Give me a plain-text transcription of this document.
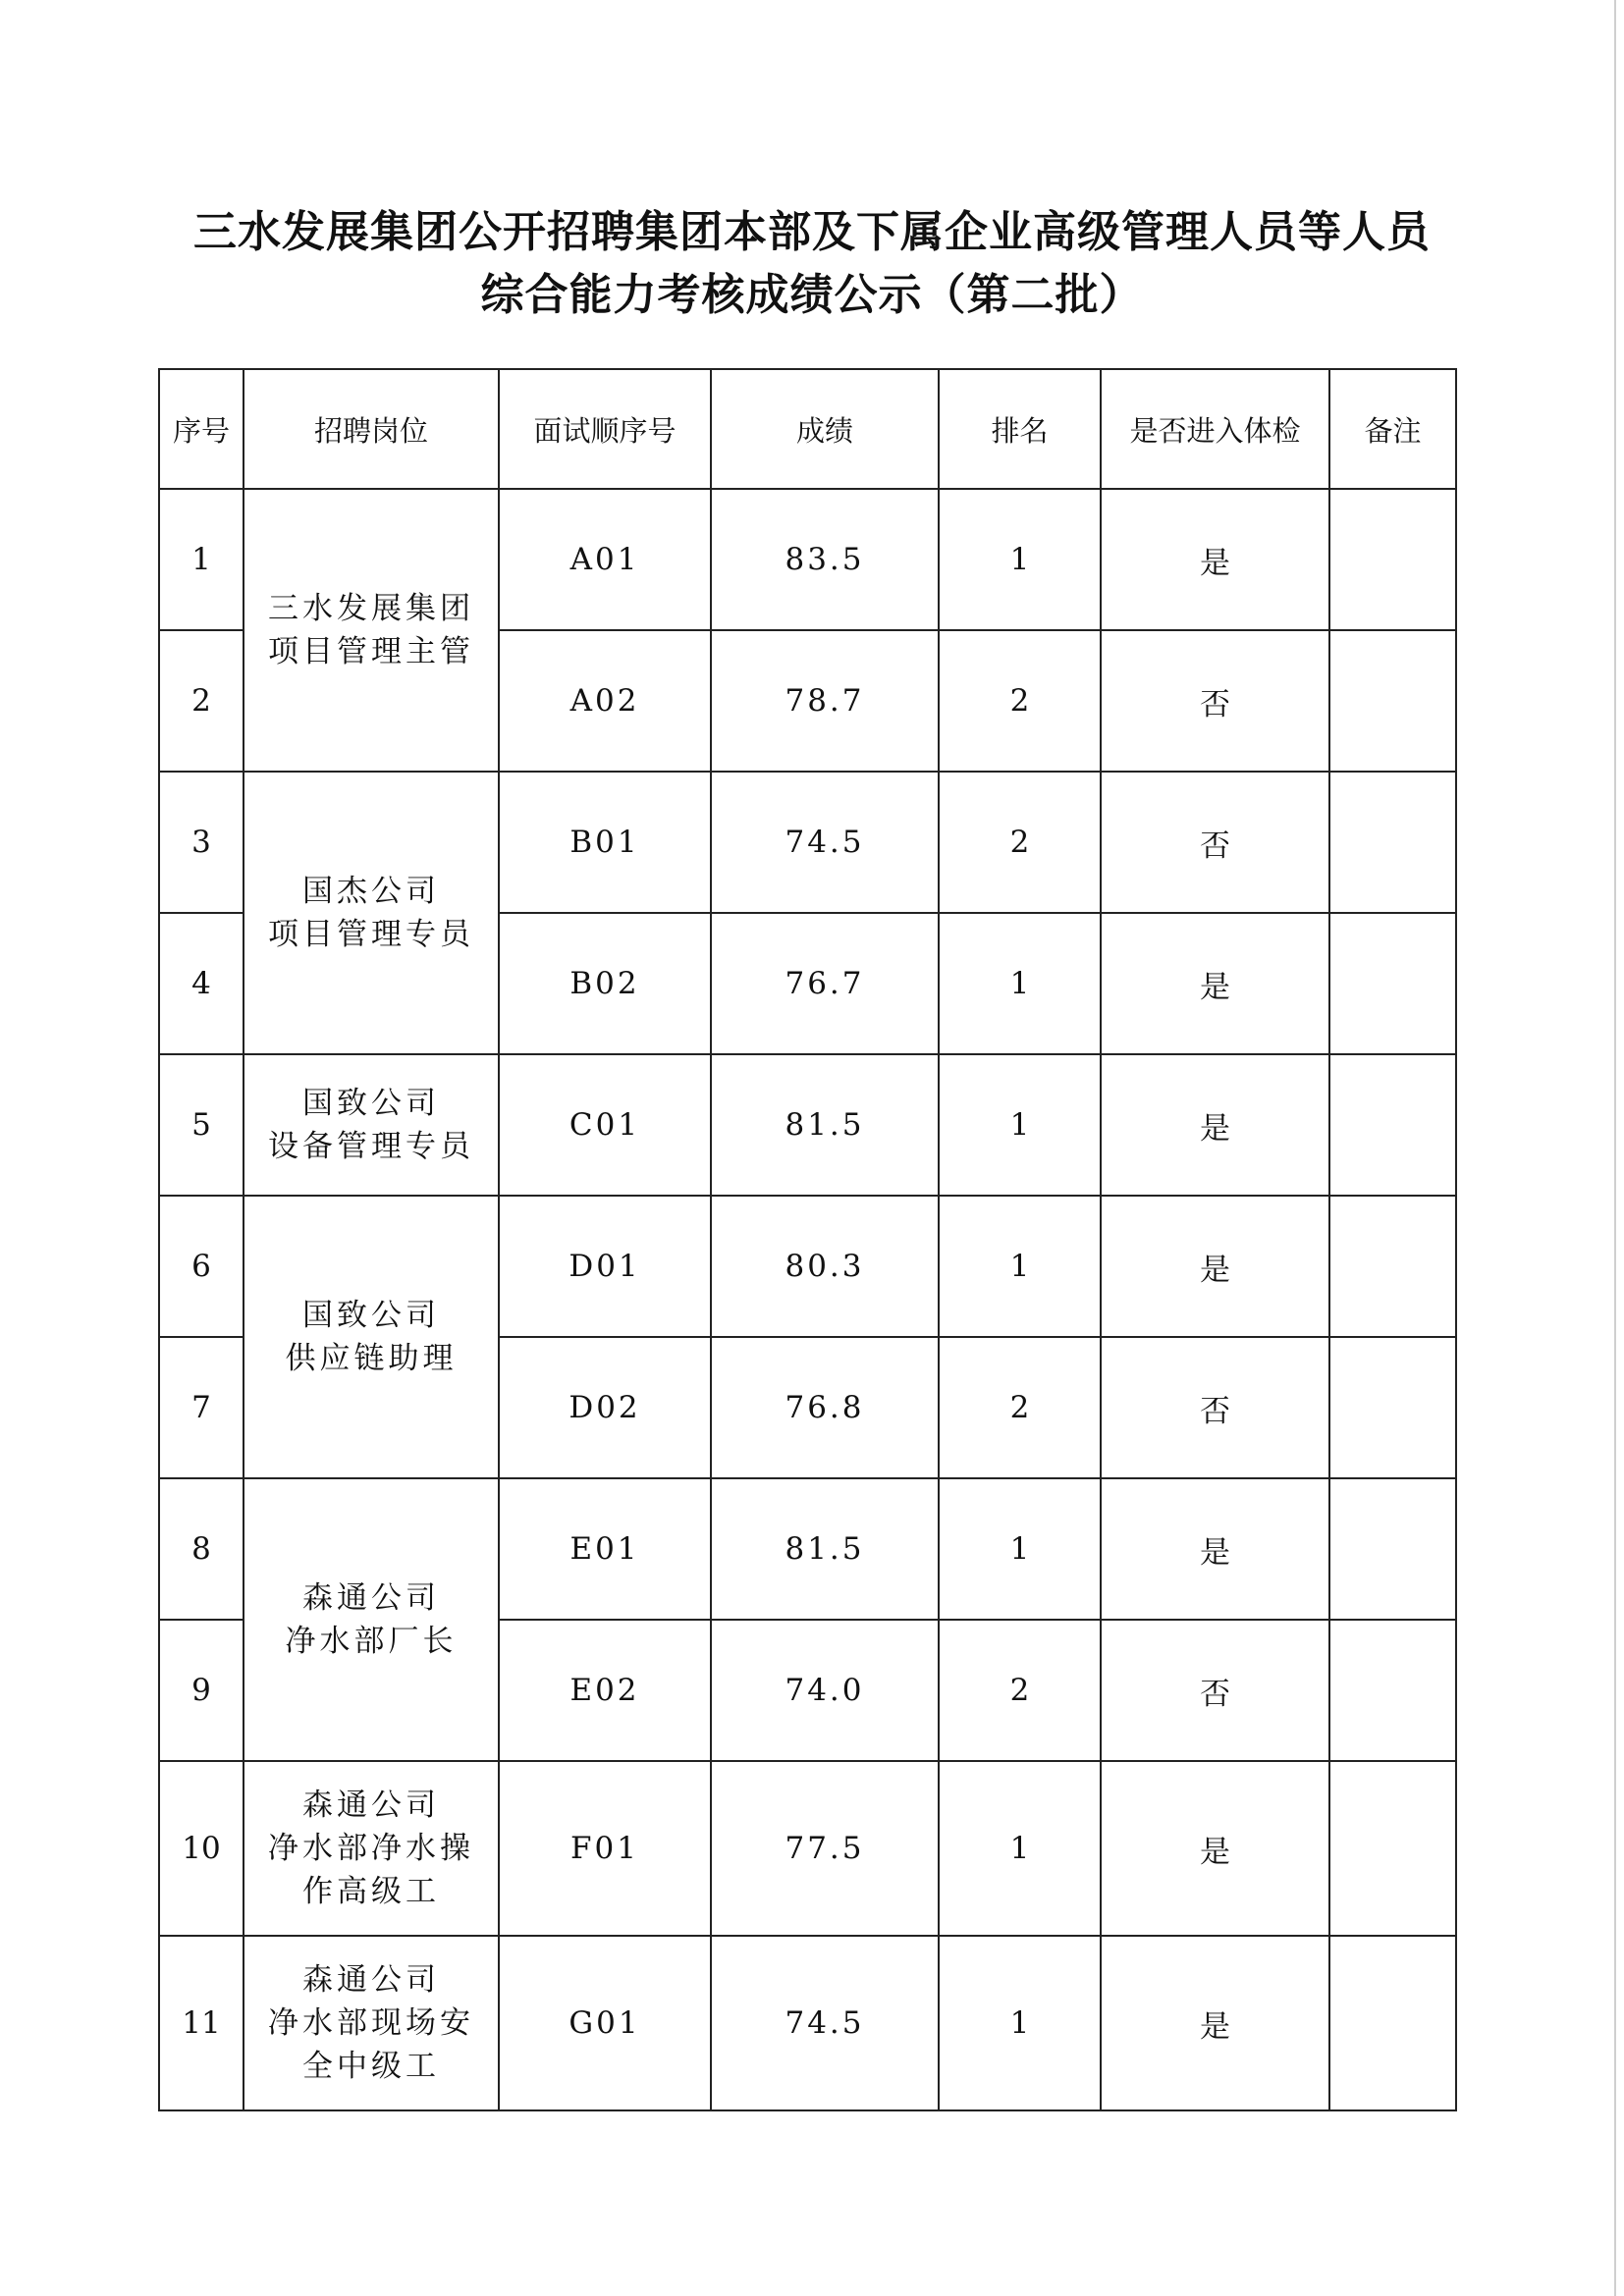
三水发展集团公开招聘集团本部及下属企业高级管理人员等人员
综合能力考核成绩公示（第二批）
序号	招聘岗位	面试顺序号	成绩	排名	是否进入体检	备注
1	三水发展集团
项目管理主管	A01	83.5	1	是	
2		A02	78.7	2	否	
3	国杰公司
项目管理专员	B01	74.5	2	否	
4		B02	76.7	1	是	
5	国致公司
设备管理专员	C01	81.5	1	是	
6	国致公司
供应链助理	D01	80.3	1	是	
7		D02	76.8	2	否	
8	森通公司
净水部厂长	E01	81.5	1	是	
9		E02	74.0	2	否	
10	森通公司
净水部净水操
作高级工	F01	77.5	1	是	
11	森通公司
净水部现场安
全中级工	G01	74.5	1	是	
